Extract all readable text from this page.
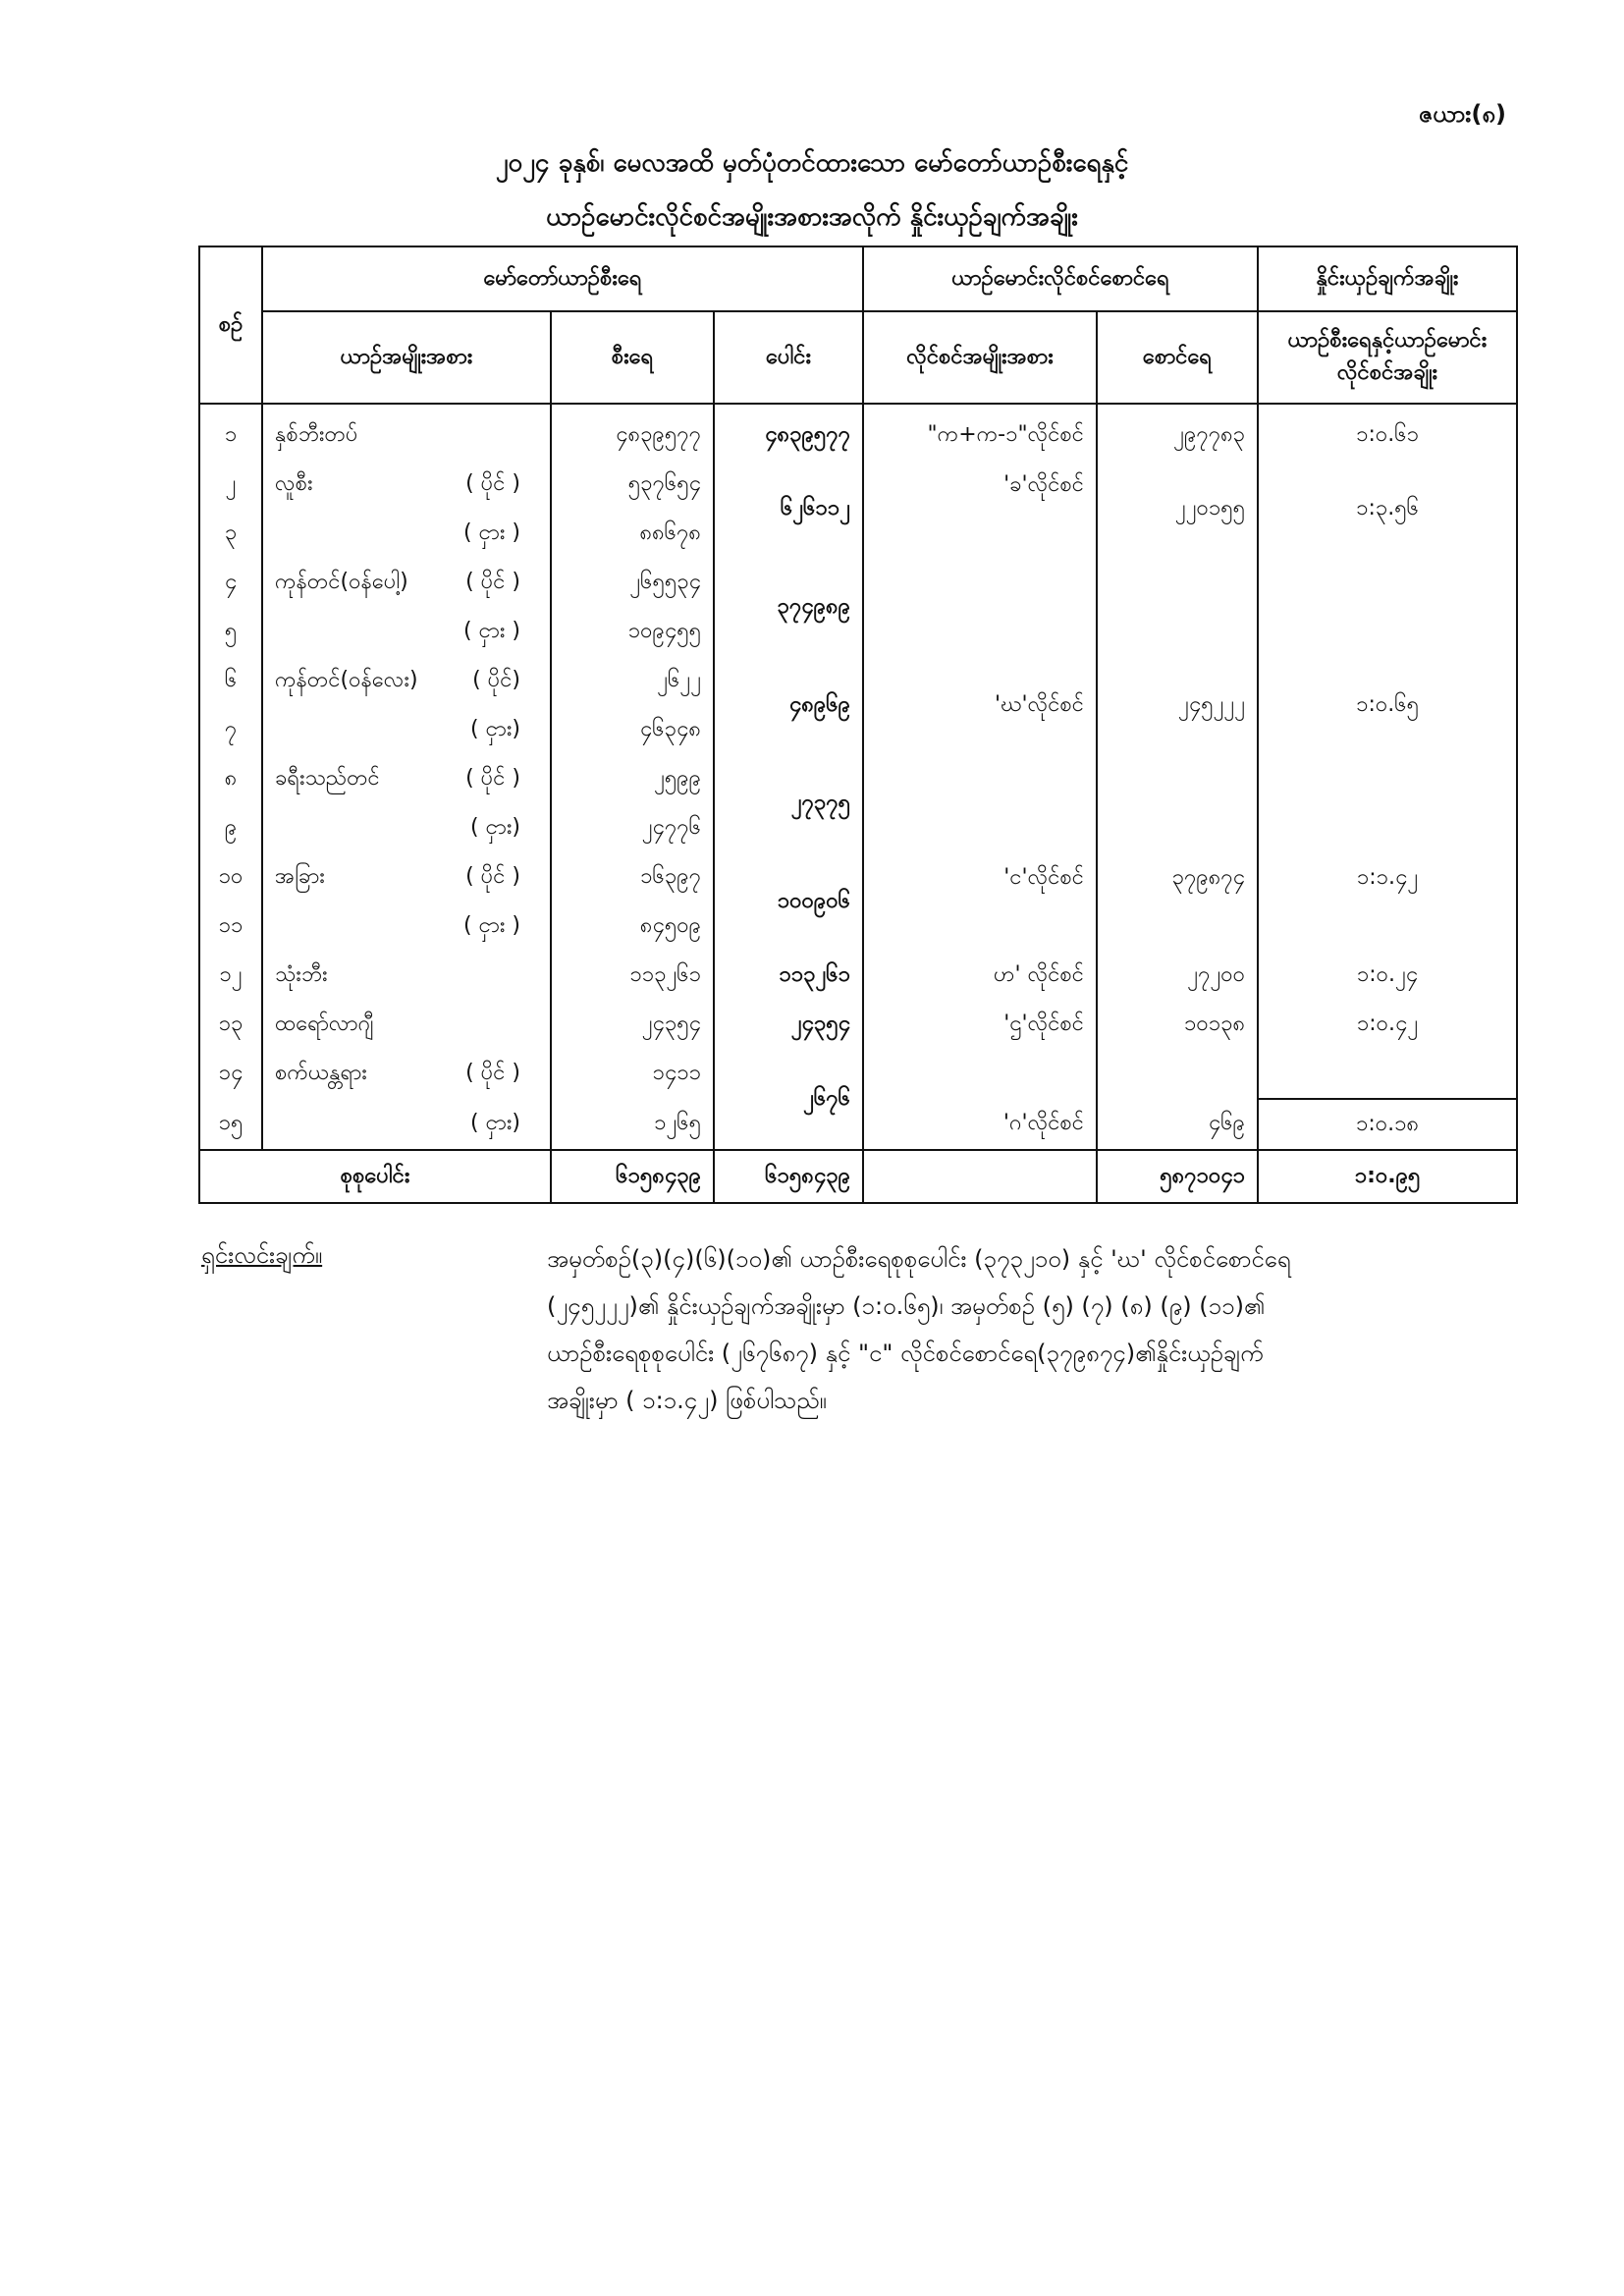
ဇယား(၈)
၂၀၂၄ ခုနှစ်၊ မေလအထိ မှတ်ပုံတင်ထားသော မော်တော်ယာဉ်စီးရေနှင့်
ယာဉ်မောင်းလိုင်စင်အမျိုးအစားအလိုက် နှိုင်းယှဉ်ချက်အချိုး
စဉ်	မော်တော်ယာဉ်စီးရေ			ယာဉ်မောင်းလိုင်စင်စောင်ရေ		နှိုင်းယှဉ်ချက်အချိုး
	ယာဉ်အမျိုးအစား	စီးရေ	ပေါင်း	လိုင်စင်အမျိုးအစား	စောင်ရေ	ယာဉ်စီးရေနှင့်ယာဉ်မောင်းလိုင်စင်အချိုး
၁	နှစ်ဘီးတပ်	၄၈၃၉၅၇၇	၄၈၃၉၅၇၇	"က+က-၁"လိုင်စင်	၂၉၇၇၈၃	၁:၀.၆၁
၂	လူစီး ( ပိုင် )	၅၃၇၆၅၄	၆၂၆၁၁၂	'ခ'လိုင်စင်	၂၂၀၁၅၅	၁:၃.၅၆
၃	( ငှား )	၈၈၆၇၈				
၄	ကုန်တင်(ဝန်ပေါ့) ( ပိုင် )	၂၆၅၅၃၄	၃၇၄၉၈၉	'ဃ'လိုင်စင်	၂၄၅၂၂၂	၁:၀.၆၅
၅	( ငှား )	၁၀၉၄၅၅				
၆	ကုန်တင်(ဝန်လေး) ( ပိုင်)	၂၆၂၂	၄၈၉၆၉			
၇	( ငှား)	၄၆၃၄၈				
၈	ခရီးသည်တင် ( ပိုင် )	၂၅၉၉	၂၇၃၇၅			
၉	( ငှား)	၂၄၇၇၆				
၁၀	အခြား ( ပိုင် )	၁၆၃၉၇	၁၀၀၉၀၆	'င'လိုင်စင်	၃၇၉၈၇၄	၁:၁.၄၂
၁၁	( ငှား )	၈၄၅၀၉				
၁၂	သုံးဘီး	၁၁၃၂၆၁	၁၁၃၂၆၁	ဟ' လိုင်စင်	၂၇၂၀၀	၁:၀.၂၄
၁၃	ထရော်လာဂျီ	၂၄၃၅၄	၂၄၃၅၄	'ဌ'လိုင်စင်	၁၀၁၃၈	၁:၀.၄၂
၁၄	စက်ယန္တရား ( ပိုင် )	၁၄၁၁	၂၆၇၆			
၁၅	( ငှား)	၁၂၆၅		'ဂ'လိုင်စင်	၄၆၉	၁:၀.၁၈
စုစုပေါင်း		၆၁၅၈၄၃၉	၆၁၅၈၄၃၉		၅၈၇၁၀၄၁	၁:၀.၉၅
ရှင်းလင်းချက်။	အမှတ်စဉ်(၃)(၄)(၆)(၁၀)၏ ယာဉ်စီးရေစုစုပေါင်း (၃၇၃၂၁၀) နှင့် 'ဃ' လိုင်စင်စောင်ရေ
(၂၄၅၂၂၂)၏ နှိုင်းယှဉ်ချက်အချိုးမှာ (၁:၀.၆၅)၊ အမှတ်စဉ် (၅) (၇) (၈) (၉) (၁၁)၏
ယာဉ်စီးရေစုစုပေါင်း (၂၆၇၆၈၇) နှင့် "င" လိုင်စင်စောင်ရေ(၃၇၉၈၇၄)၏နှိုင်းယှဉ်ချက်
အချိုးမှာ ( ၁:၁.၄၂) ဖြစ်ပါသည်။
